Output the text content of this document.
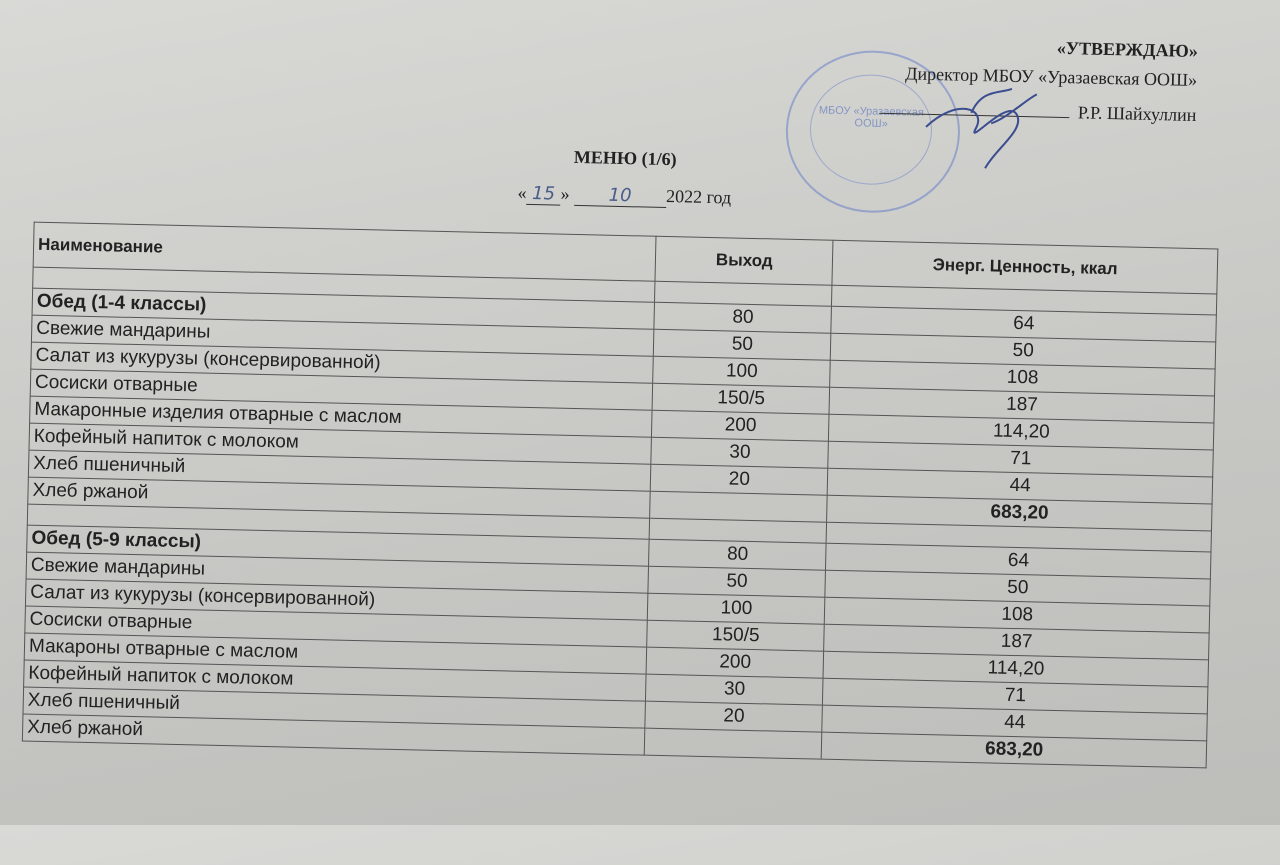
МБОУ «Уразаевская ООШ»
«УТВЕРЖДАЮ»
Директор МБОУ «Уразаевская ООШ»
Р.Р. Шайхуллин
МЕНЮ (1/6)
« 15 » 10 2022 год
Наименование	Выход	Энерг. Ценность, ккал

Обед (1-4 классы)	80	64
Свежие мандарины	50	50
Салат из кукурузы (консервированной)	100	108
Сосиски отварные	150/5	187
Макаронные изделия отварные с маслом	200	114,20
Кофейный напиток с молоком	30	71
Хлеб пшеничный	20	44
Хлеб ржаной		683,20

Обед (5-9 классы)	80	64
Свежие мандарины	50	50
Салат из кукурузы (консервированной)	100	108
Сосиски отварные	150/5	187
Макароны отварные с маслом	200	114,20
Кофейный напиток с молоком	30	71
Хлеб пшеничный	20	44
Хлеб ржаной		683,20
